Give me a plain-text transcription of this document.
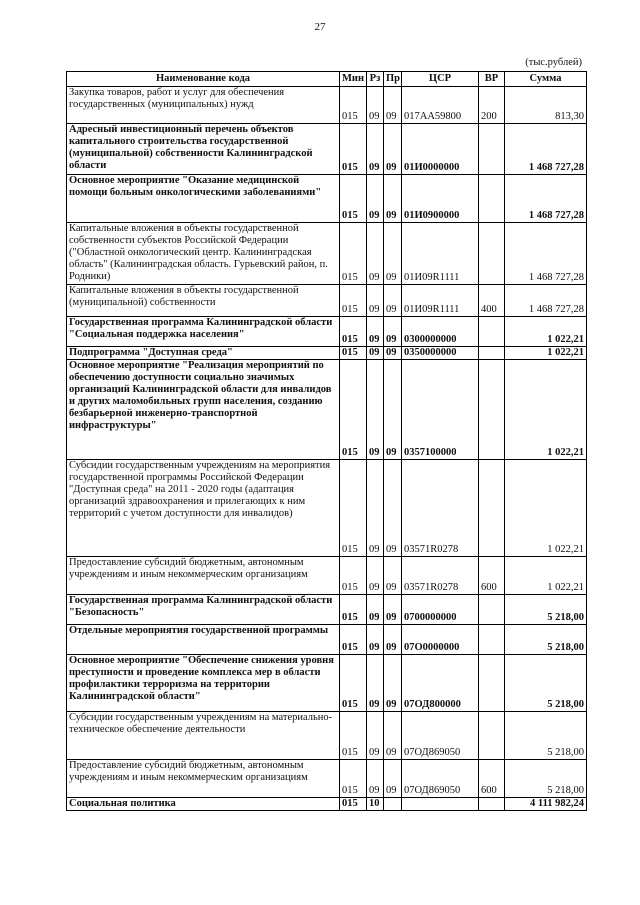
27
(тыс.рублей)
Наименование кода	Мин	Рз	Пр	ЦСР	ВР	Сумма
Закупка товаров, работ и услуг для обеспечения государственных (муниципальных) нужд	015	09	09	017AA59800	200	813,30
Адресный инвестиционный перечень объектов капитального строительства государственной (муниципальной) собственности Калининградской области	015	09	09	01И0000000		1 468 727,28
Основное мероприятие "Оказание медицинской помощи больным онкологическими заболеваниями"	015	09	09	01И0900000		1 468 727,28
Капитальные вложения в объекты государственной собственности субъектов Российской Федерации ("Областной онкологический центр. Калининградская область" (Калининградская область. Гурьевский район, п. Родники)	015	09	09	01И09R1111		1 468 727,28
Капитальные вложения в объекты государственной (муниципальной) собственности	015	09	09	01И09R1111	400	1 468 727,28
Государственная программа Калининградской области "Социальная поддержка населения"	015	09	09	0300000000		1 022,21
Подпрограмма "Доступная среда"	015	09	09	0350000000		1 022,21
Основное мероприятие "Реализация мероприятий по обеспечению доступности социально значимых организаций Калининградской области для инвалидов и других маломобильных групп населения, созданию безбарьерной инженерно-транспортной инфраструктуры"	015	09	09	0357100000		1 022,21
Субсидии государственным учреждениям на мероприятия государственной программы Российской Федерации "Доступная среда" на 2011 - 2020 годы (адаптация организаций здравоохранения и прилегающих к ним территорий с учетом доступности для инвалидов)	015	09	09	03571R0278		1 022,21
Предоставление субсидий бюджетным, автономным учреждениям и иным некоммерческим организациям	015	09	09	03571R0278	600	1 022,21
Государственная программа Калининградской области "Безопасность"	015	09	09	0700000000		5 218,00
Отдельные мероприятия государственной программы	015	09	09	07О0000000		5 218,00
Основное мероприятие "Обеспечение снижения уровня преступности и проведение комплекса мер в области профилактики терроризма на территории Калининградской области"	015	09	09	07ОД800000		5 218,00
Субсидии государственным учреждениям на материально-техническое обеспечение деятельности	015	09	09	07ОД869050		5 218,00
Предоставление субсидий бюджетным, автономным учреждениям и иным некоммерческим организациям	015	09	09	07ОД869050	600	5 218,00
Социальная политика	015	10				4 111 982,24
